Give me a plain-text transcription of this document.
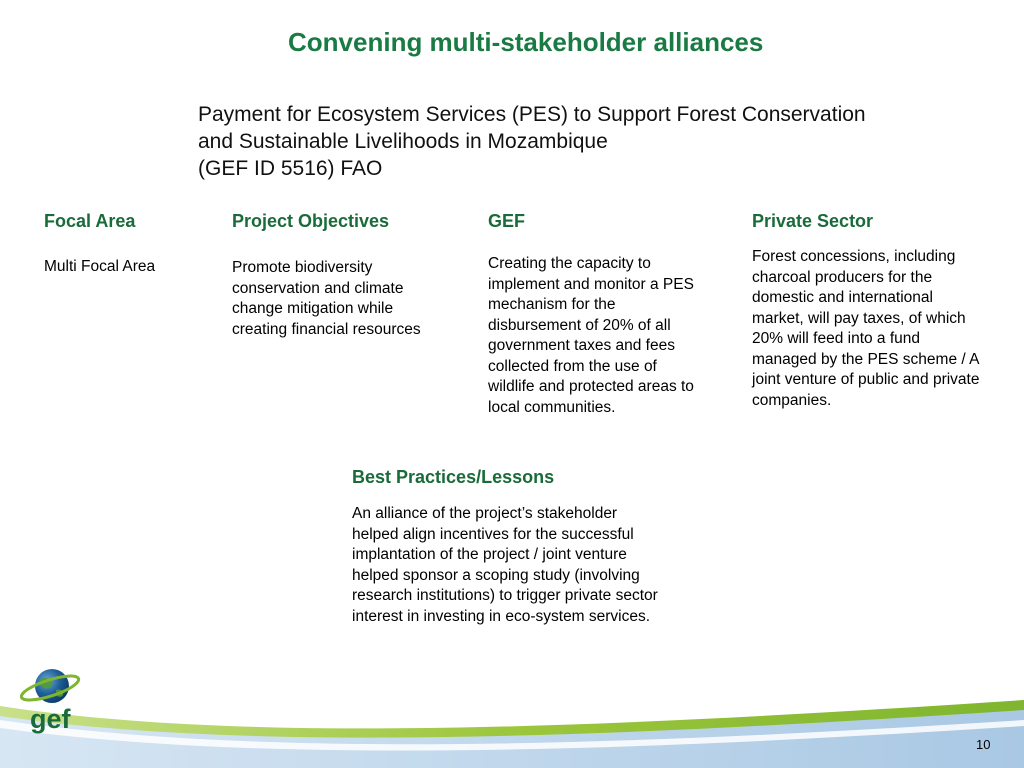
Convening multi-stakeholder alliances
Payment for Ecosystem Services (PES) to Support Forest Conservation
and Sustainable Livelihoods in Mozambique
(GEF ID 5516) FAO
Focal Area
Multi Focal Area
Project Objectives
Promote biodiversity
conservation and climate
change mitigation while
creating financial resources
GEF
Creating the capacity to
implement and monitor a PES
mechanism for the
disbursement of 20% of all
government taxes and fees
collected from the use of
wildlife and protected areas to
local communities.
Private Sector
Forest concessions, including
charcoal producers for the
domestic and international
market, will pay taxes, of which
20% will feed into a fund
managed by the PES scheme / A
joint venture of public and private
companies.
Best Practices/Lessons
An alliance of the project’s stakeholder
helped align incentives for the successful
implantation of the project / joint venture
helped sponsor a scoping study (involving
research institutions) to trigger private sector
interest in investing in eco-system services.
gef
10
